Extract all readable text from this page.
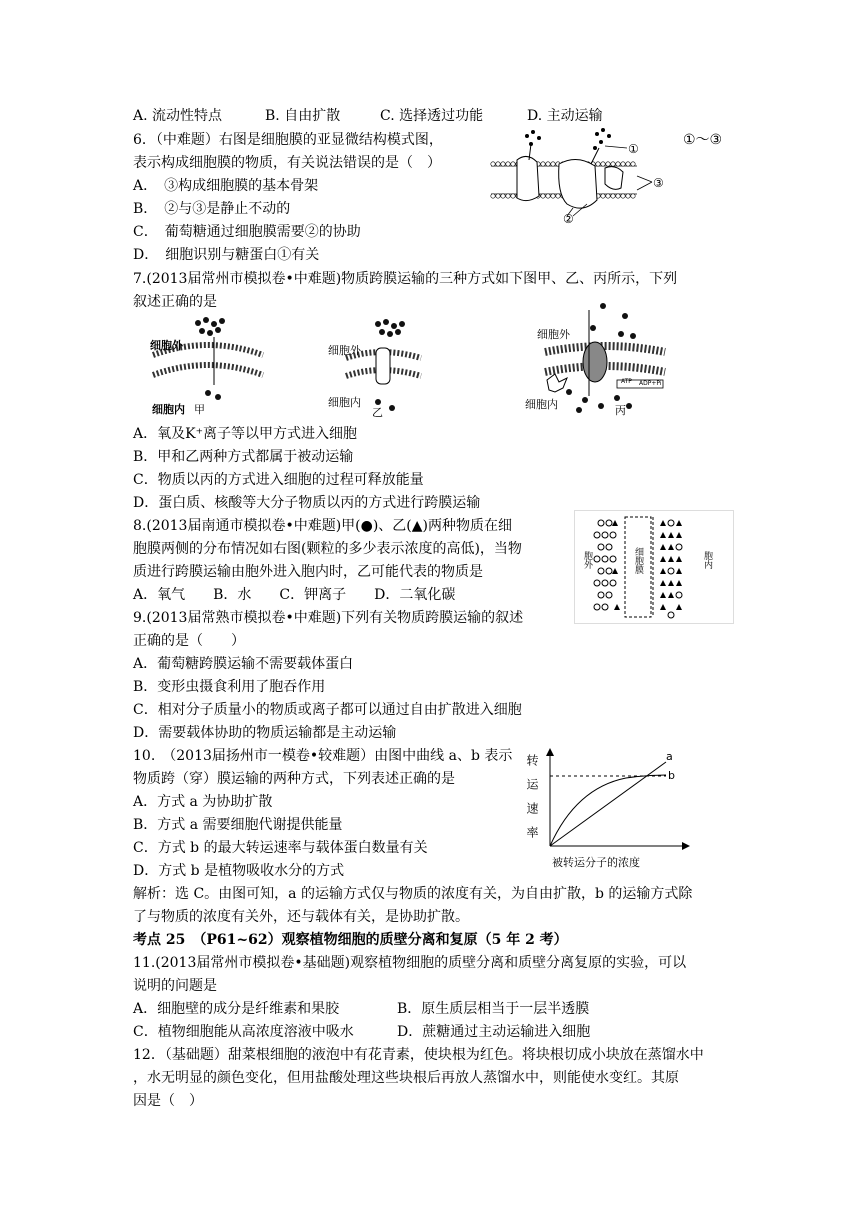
A. 流动性特点	B. 自由扩散	C. 选择透过功能	D. 主动运输
6．（中难题）右图是细胞膜的亚显微结构模式图，	①～③
表示构成细胞膜的物质，有关说法错误的是（　）
A．　③构成细胞膜的基本骨架
B．　②与③是静止不动的
C．　葡萄糖通过细胞膜需要②的协助
D．　细胞识别与糖蛋白①有关
①
③
②
7.(2013届常州市模拟卷•中难题)物质跨膜运输的三种方式如下图甲、乙、丙所示，下列
叙述正确的是
细胞外
细胞内 甲
细胞外
细胞内
乙
细胞外
细胞内	丙
ATP ADP+Pi
A．氧及K⁺离子等以甲方式进入细胞
B．甲和乙两种方式都属于被动运输
C．物质以丙的方式进入细胞的过程可释放能量
D．蛋白质、核酸等大分子物质以丙的方式进行跨膜运输
8.(2013届南通市模拟卷•中难题)甲(●)、乙(▲)两种物质在细
胞膜两侧的分布情况如右图(颗粒的多少表示浓度的高低)，当物
质进行跨膜运输由胞外进入胞内时，乙可能代表的物质是
A．氧气　　B．水　　C．钾离子　　D．二氧化碳
胞外	细胞膜	胞内
9.(2013届常熟市模拟卷•中难题)下列有关物质跨膜运输的叙述
正确的是（　　）
A．葡萄糖跨膜运输不需要载体蛋白
B．变形虫摄食利用了胞吞作用
C．相对分子质量小的物质或离子都可以通过自由扩散进入细胞
D．需要载体协助的物质运输都是主动运输
10.　（2013届扬州市一模卷•较难题）由图中曲线 a、b 表示
物质跨（穿）膜运输的两种方式，下列表述正确的是
A．方式 a 为协助扩散
B．方式 a 需要细胞代谢提供能量
C．方式 b 的最大转运速率与载体蛋白数量有关
D．方式 b 是植物吸收水分的方式
a
b
转运速率
被转运分子的浓度
解析：选 C。由图可知，a 的运输方式仅与物质的浓度有关，为自由扩散，b 的运输方式除
了与物质的浓度有关外，还与载体有关，是协助扩散。
考点 25　（P61~62）观察植物细胞的质壁分离和复原（5 年 2 考）
11.(2013届常州市模拟卷•基础题)观察植物细胞的质壁分离和质壁分离复原的实验，可以
说明的问题是
A．细胞壁的成分是纤维素和果胶	B．原生质层相当于一层半透膜
C．植物细胞能从高浓度溶液中吸水	D．蔗糖通过主动运输进入细胞
12．（基础题）甜菜根细胞的液泡中有花青素，使块根为红色。将块根切成小块放在蒸馏水中
，水无明显的颜色变化，但用盐酸处理这些块根后再放人蒸馏水中，则能使水变红。其原
因是（　）
